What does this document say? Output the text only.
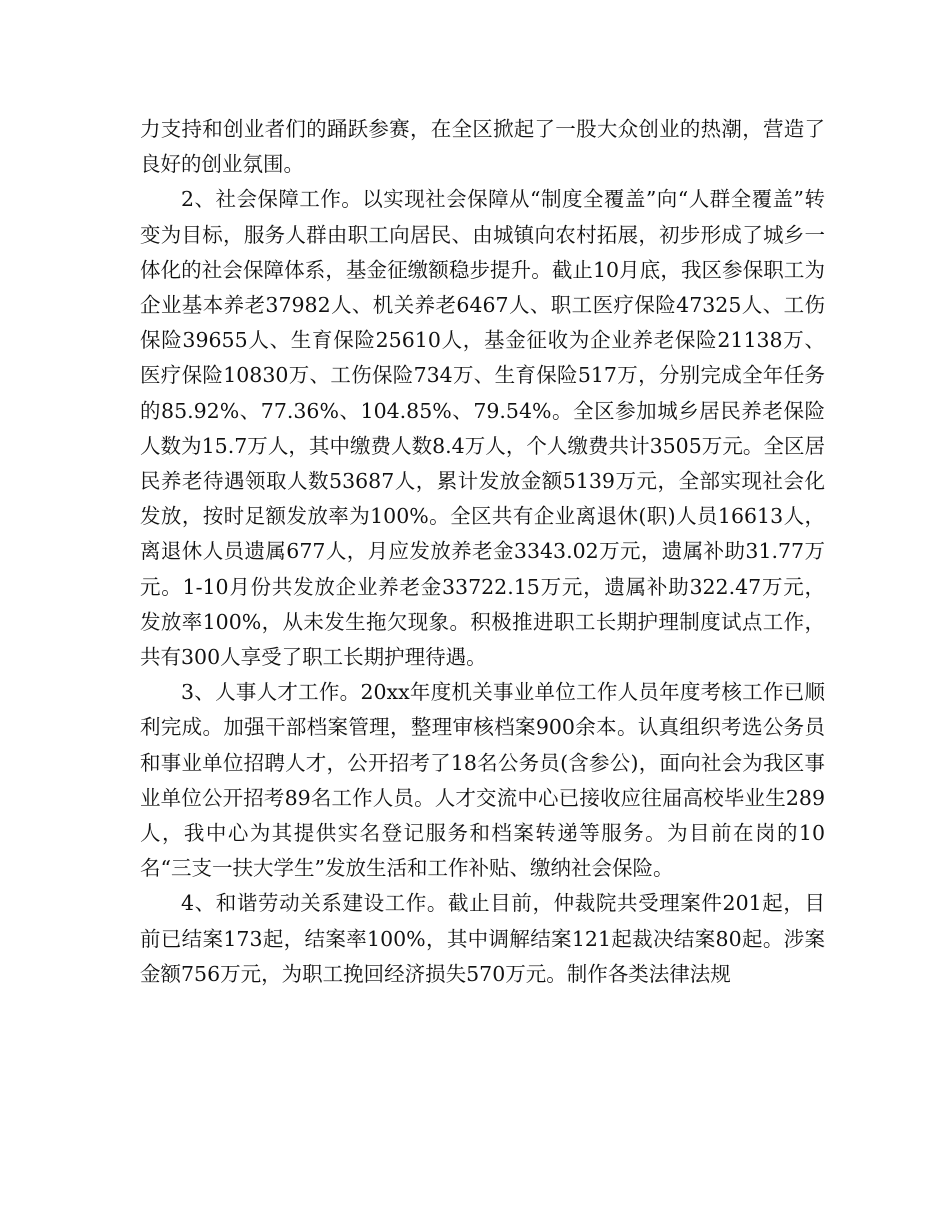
力支持和创业者们的踊跃参赛，在全区掀起了一股大众创业的热潮，营造了良好的创业氛围。

2、社会保障工作。以实现社会保障从“制度全覆盖”向“人群全覆盖”转变为目标，服务人群由职工向居民、由城镇向农村拓展，初步形成了城乡一体化的社会保障体系，基金征缴额稳步提升。截止10月底，我区参保职工为企业基本养老37982人、机关养老6467人、职工医疗保险47325人、工伤保险39655人、生育保险25610人，基金征收为企业养老保险21138万、医疗保险10830万、工伤保险734万、生育保险517万，分别完成全年任务的85.92%、77.36%、104.85%、79.54%。全区参加城乡居民养老保险人数为15.7万人，其中缴费人数8.4万人，个人缴费共计3505万元。全区居民养老待遇领取人数53687人，累计发放金额5139万元，全部实现社会化发放，按时足额发放率为100%。全区共有企业离退休(职)人员16613人，离退休人员遗属677人，月应发放养老金3343.02万元，遗属补助31.77万元。1-10月份共发放企业养老金33722.15万元，遗属补助322.47万元，发放率100%，从未发生拖欠现象。积极推进职工长期护理制度试点工作，共有300人享受了职工长期护理待遇。

3、人事人才工作。20xx年度机关事业单位工作人员年度考核工作已顺利完成。加强干部档案管理，整理审核档案900余本。认真组织考选公务员和事业单位招聘人才，公开招考了18名公务员(含参公)，面向社会为我区事业单位公开招考89名工作人员。人才交流中心已接收应往届高校毕业生289人，我中心为其提供实名登记服务和档案转递等服务。为目前在岗的10名“三支一扶大学生”发放生活和工作补贴、缴纳社会保险。

4、和谐劳动关系建设工作。截止目前，仲裁院共受理案件201起，目前已结案173起，结案率100%，其中调解结案121起裁决结案80起。涉案金额756万元，为职工挽回经济损失570万元。制作各类法律法规
